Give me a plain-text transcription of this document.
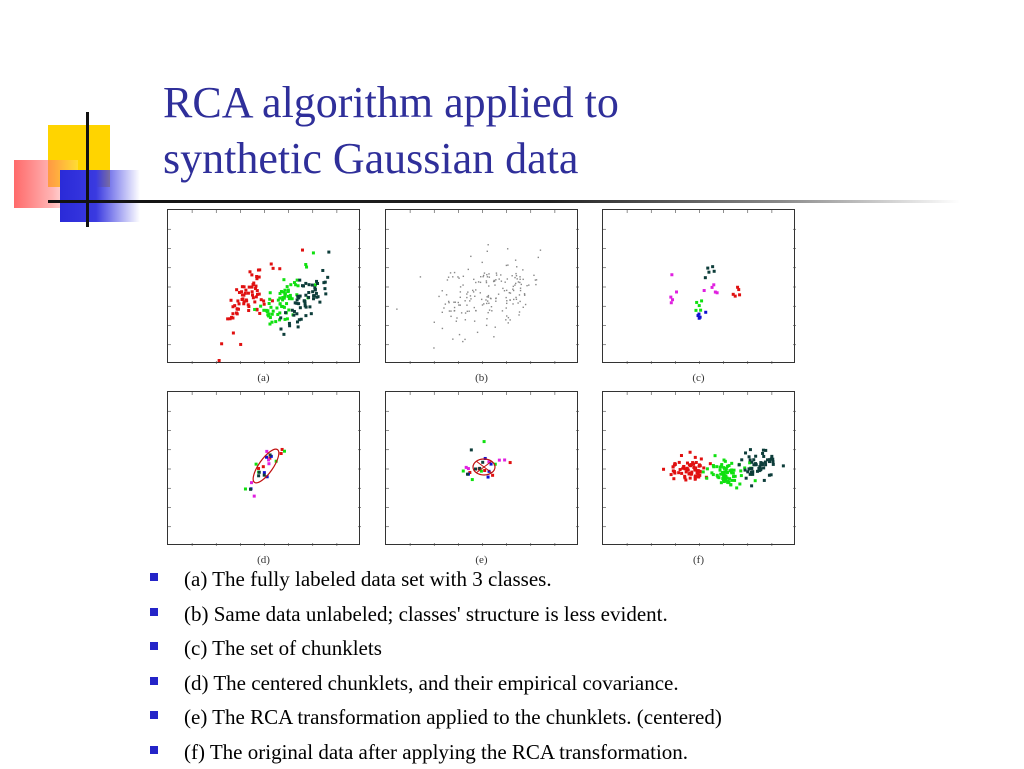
RCA algorithm applied to
synthetic Gaussian data
(a)	(b)	(c)
(d)	(e)	(f)
(a) The fully labeled data set with 3 classes.
(b) Same data unlabeled; classes' structure is less evident.
(c) The set of chunklets
(d) The centered chunklets, and their empirical covariance.
(e) The RCA transformation applied to the chunklets. (centered)
(f) The original data after applying the RCA transformation.
